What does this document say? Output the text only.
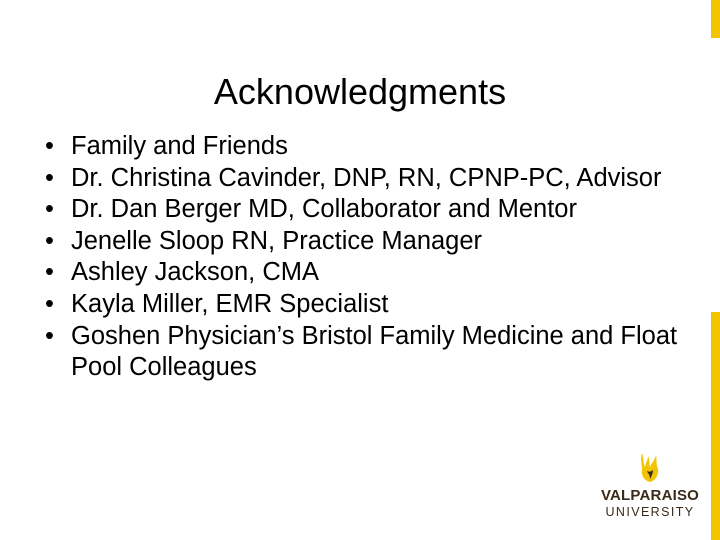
Acknowledgments
• Family and Friends
• Dr. Christina Cavinder, DNP, RN, CPNP-PC, Advisor
• Dr. Dan Berger MD, Collaborator and Mentor
• Jenelle Sloop RN, Practice Manager
• Ashley Jackson, CMA
• Kayla Miller, EMR Specialist
• Goshen Physician’s Bristol Family Medicine and Float Pool Colleagues
VALPARAISO
UNIVERSITY
